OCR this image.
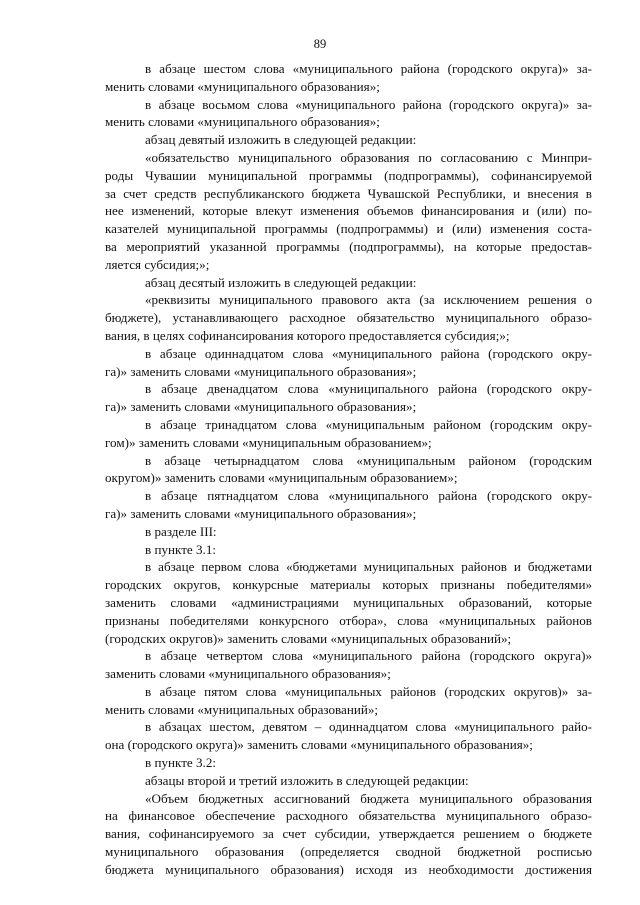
89
в абзаце шестом слова «муниципального района (городского округа)» за-
менить словами «муниципального образования»;
в абзаце восьмом слова «муниципального района (городского округа)» за-
менить словами «муниципального образования»;
абзац девятый изложить в следующей редакции:
«обязательство муниципального образования по согласованию с Минпри-
роды Чувашии муниципальной программы (подпрограммы), софинансируемой
за счет средств республиканского бюджета Чувашской Республики, и внесения в
нее изменений, которые влекут изменения объемов финансирования и (или) по-
казателей муниципальной программы (подпрограммы) и (или) изменения соста-
ва мероприятий указанной программы (подпрограммы), на которые предостав-
ляется субсидия;»;
абзац десятый изложить в следующей редакции:
«реквизиты муниципального правового акта (за исключением решения о
бюджете), устанавливающего расходное обязательство муниципального образо-
вания, в целях софинансирования которого предоставляется субсидия;»;
в абзаце одиннадцатом слова «муниципального района (городского окру-
га)» заменить словами «муниципального образования»;
в абзаце двенадцатом слова «муниципального района (городского окру-
га)» заменить словами «муниципального образования»;
в абзаце тринадцатом слова «муниципальным районом (городским окру-
гом)» заменить словами «муниципальным образованием»;
в абзаце четырнадцатом слова «муниципальным районом (городским
округом)» заменить словами «муниципальным образованием»;
в абзаце пятнадцатом слова «муниципального района (городского окру-
га)» заменить словами «муниципального образования»;
в разделе III:
в пункте 3.1:
в абзаце первом слова «бюджетами муниципальных районов и бюджетами
городских округов, конкурсные материалы которых признаны победителями»
заменить словами «администрациями муниципальных образований, которые
признаны победителями конкурсного отбора», слова «муниципальных районов
(городских округов)» заменить словами «муниципальных образований»;
в абзаце четвертом слова «муниципального района (городского округа)»
заменить словами «муниципального образования»;
в абзаце пятом слова «муниципальных районов (городских округов)» за-
менить словами «муниципальных образований»;
в абзацах шестом, девятом – одиннадцатом слова «муниципального райо-
она (городского округа)» заменить словами «муниципального образования»;
в пункте 3.2:
абзацы второй и третий изложить в следующей редакции:
«Объем бюджетных ассигнований бюджета муниципального образования
на финансовое обеспечение расходного обязательства муниципального образо-
вания, софинансируемого за счет субсидии, утверждается решением о бюджете
муниципального образования (определяется сводной бюджетной росписью
бюджета муниципального образования) исходя из необходимости достижения
